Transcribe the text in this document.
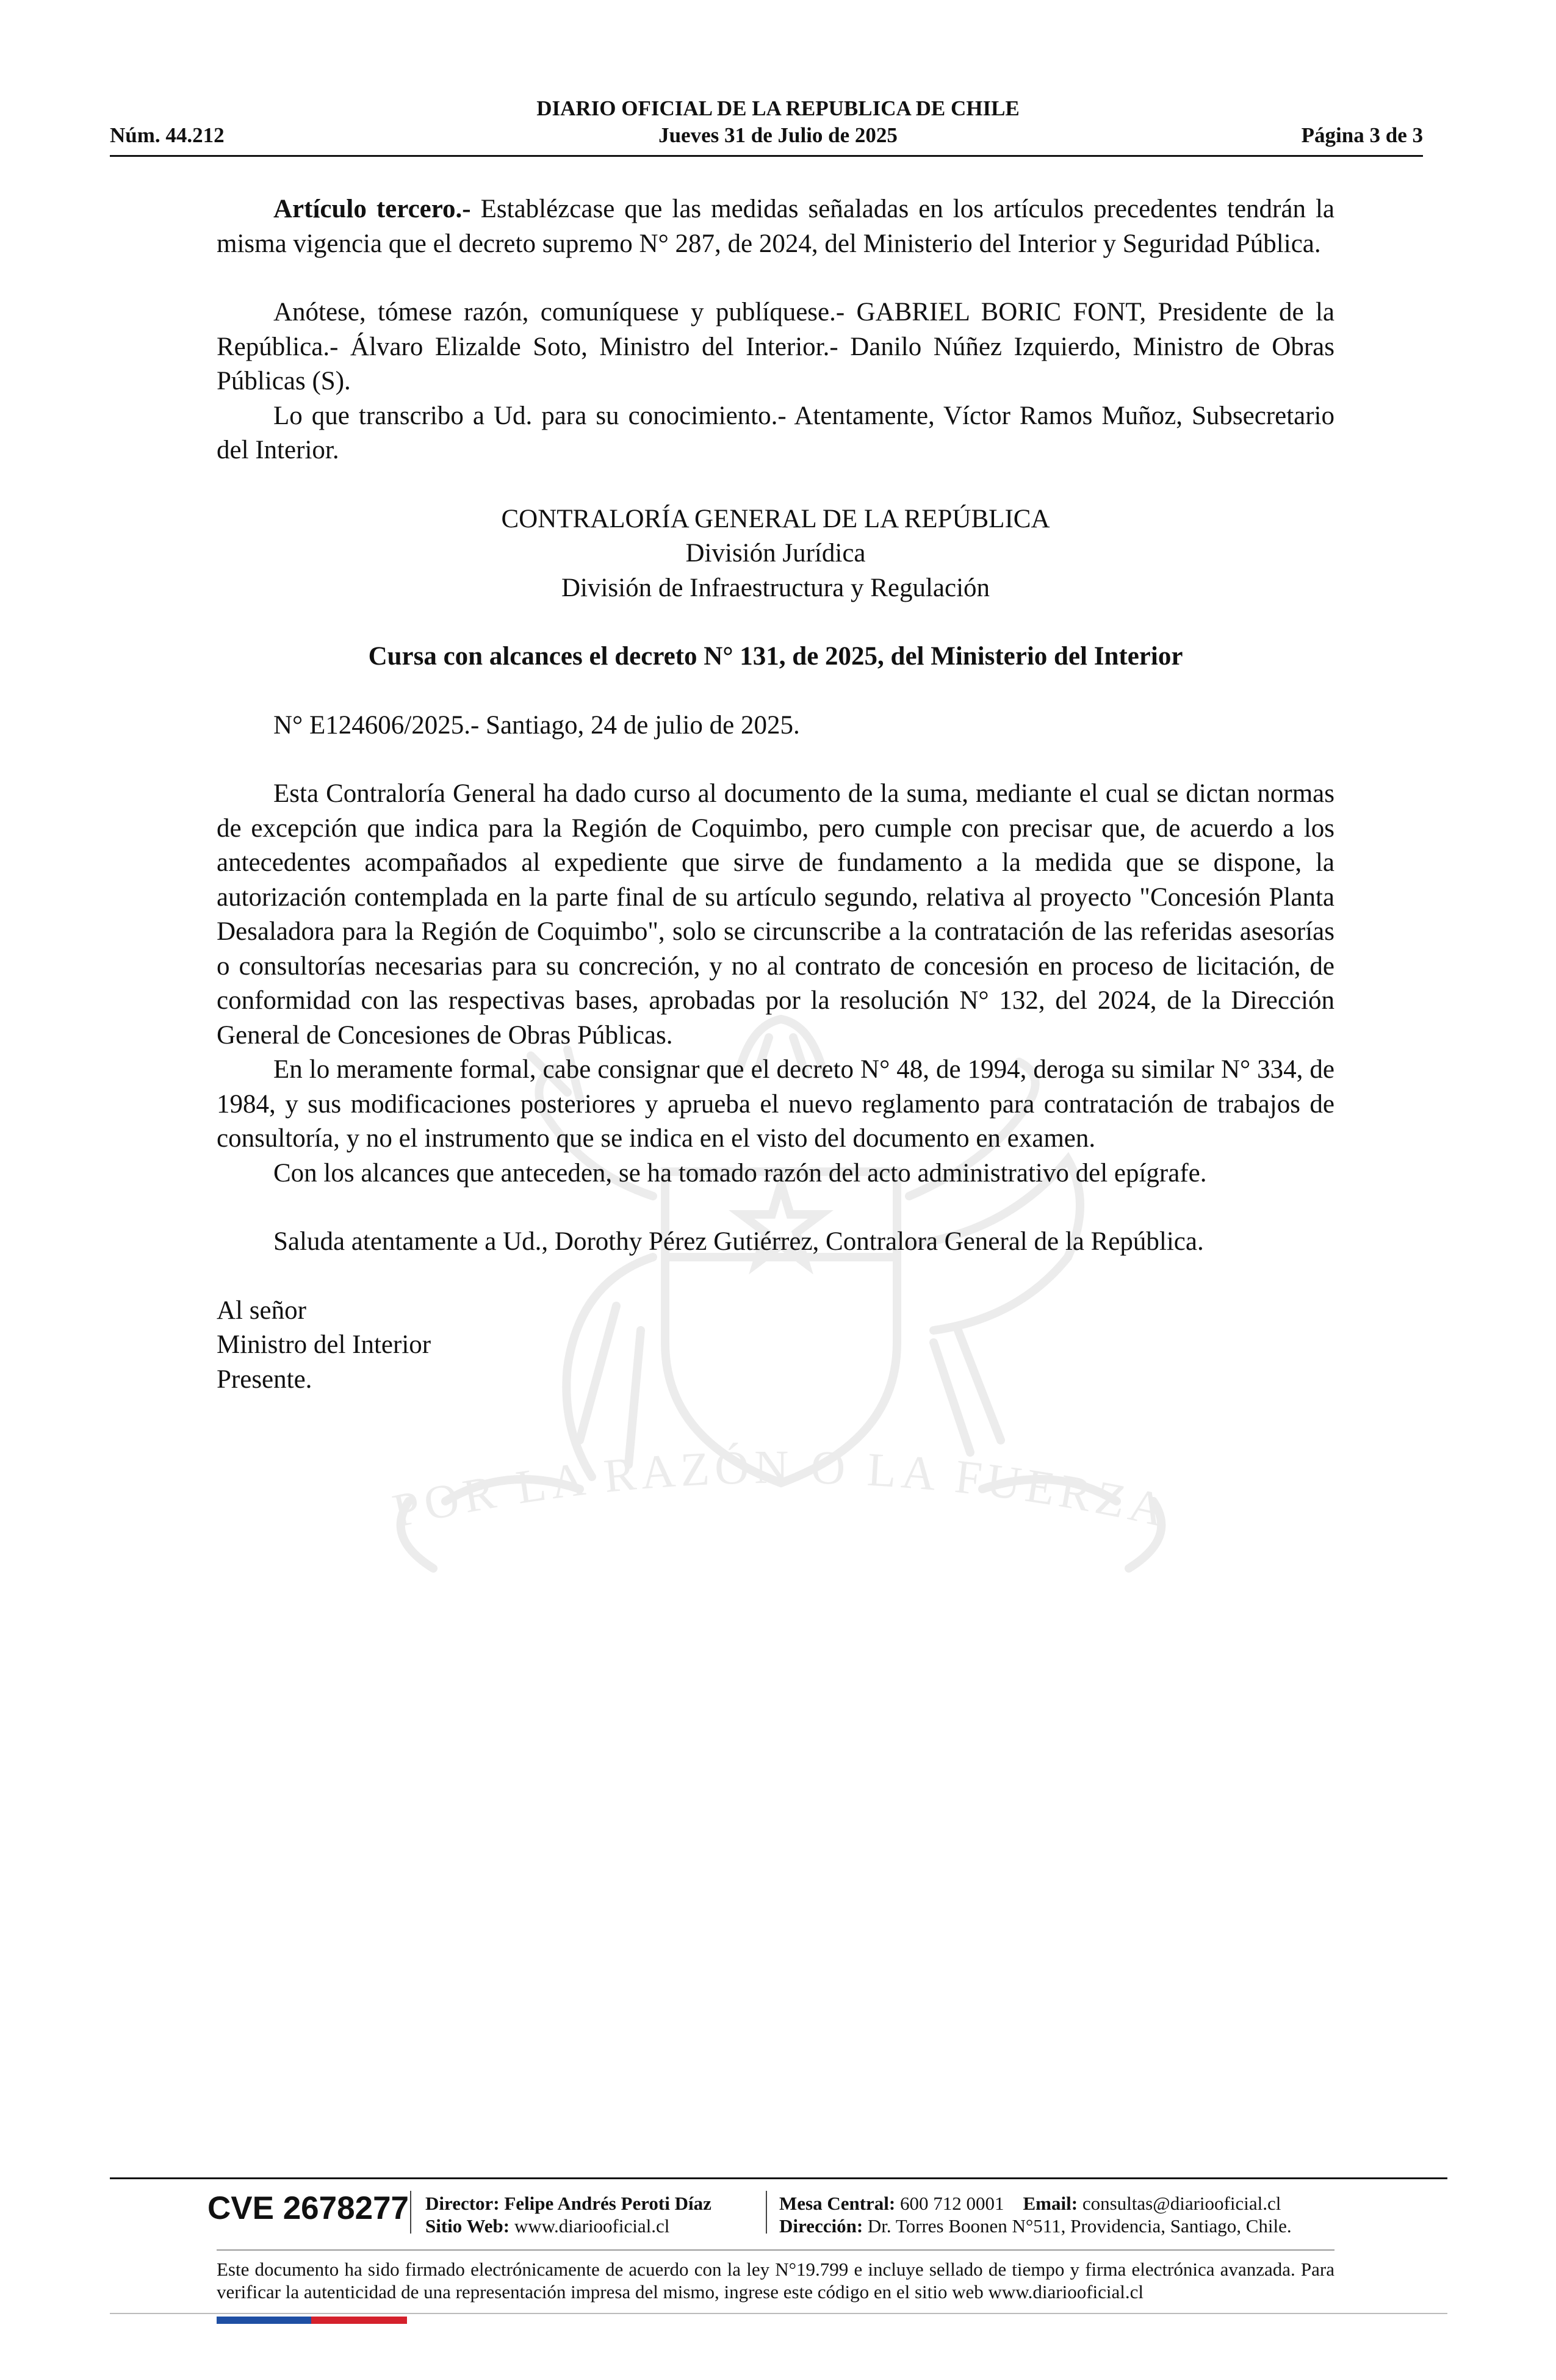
DIARIO OFICIAL DE LA REPUBLICA DE CHILE
Núm. 44.212	Jueves 31 de Julio de 2025	Página 3 de 3
POR LA RAZÓN O LA FUERZA

Artículo tercero.- Establézcase que las medidas señaladas en los artículos precedentes tendrán la misma vigencia que el decreto supremo N° 287, de 2024, del Ministerio del Interior y Seguridad Pública.

Anótese, tómese razón, comuníquese y publíquese.- GABRIEL BORIC FONT, Presidente de la República.- Álvaro Elizalde Soto, Ministro del Interior.- Danilo Núñez Izquierdo, Ministro de Obras Públicas (S).

Lo que transcribo a Ud. para su conocimiento.- Atentamente, Víctor Ramos Muñoz, Subsecretario del Interior.

CONTRALORÍA GENERAL DE LA REPÚBLICA

División Jurídica

División de Infraestructura y Regulación

Cursa con alcances el decreto N° 131, de 2025, del Ministerio del Interior

N° E124606/2025.- Santiago, 24 de julio de 2025.

Esta Contraloría General ha dado curso al documento de la suma, mediante el cual se dictan normas de excepción que indica para la Región de Coquimbo, pero cumple con precisar que, de acuerdo a los antecedentes acompañados al expediente que sirve de fundamento a la medida que se dispone, la autorización contemplada en la parte final de su artículo segundo, relativa al proyecto "Concesión Planta Desaladora para la Región de Coquimbo", solo se circunscribe a la contratación de las referidas asesorías o consultorías necesarias para su concreción, y no al contrato de concesión en proceso de licitación, de conformidad con las respectivas bases, aprobadas por la resolución N° 132, del 2024, de la Dirección General de Concesiones de Obras Públicas.

En lo meramente formal, cabe consignar que el decreto N° 48, de 1994, deroga su similar N° 334, de 1984, y sus modificaciones posteriores y aprueba el nuevo reglamento para contratación de trabajos de consultoría, y no el instrumento que se indica en el visto del documento en examen.

Con los alcances que anteceden, se ha tomado razón del acto administrativo del epígrafe.

Saluda atentamente a Ud., Dorothy Pérez Gutiérrez, Contralora General de la República.

Al señor

Ministro del Interior

Presente.

CVE 2678277 Director: Felipe Andrés Peroti Díaz
Sitio Web: www.diariooficial.cl
Mesa Central: 600 712 0001 Email: consultas@diariooficial.cl
Dirección: Dr. Torres Boonen N°511, Providencia, Santiago, Chile.
Este documento ha sido firmado electrónicamente de acuerdo con la ley N°19.799 e incluye sellado de tiempo y firma electrónica avanzada. Para verificar la autenticidad de una representación impresa del mismo, ingrese este código en el sitio web www.diariooficial.cl
